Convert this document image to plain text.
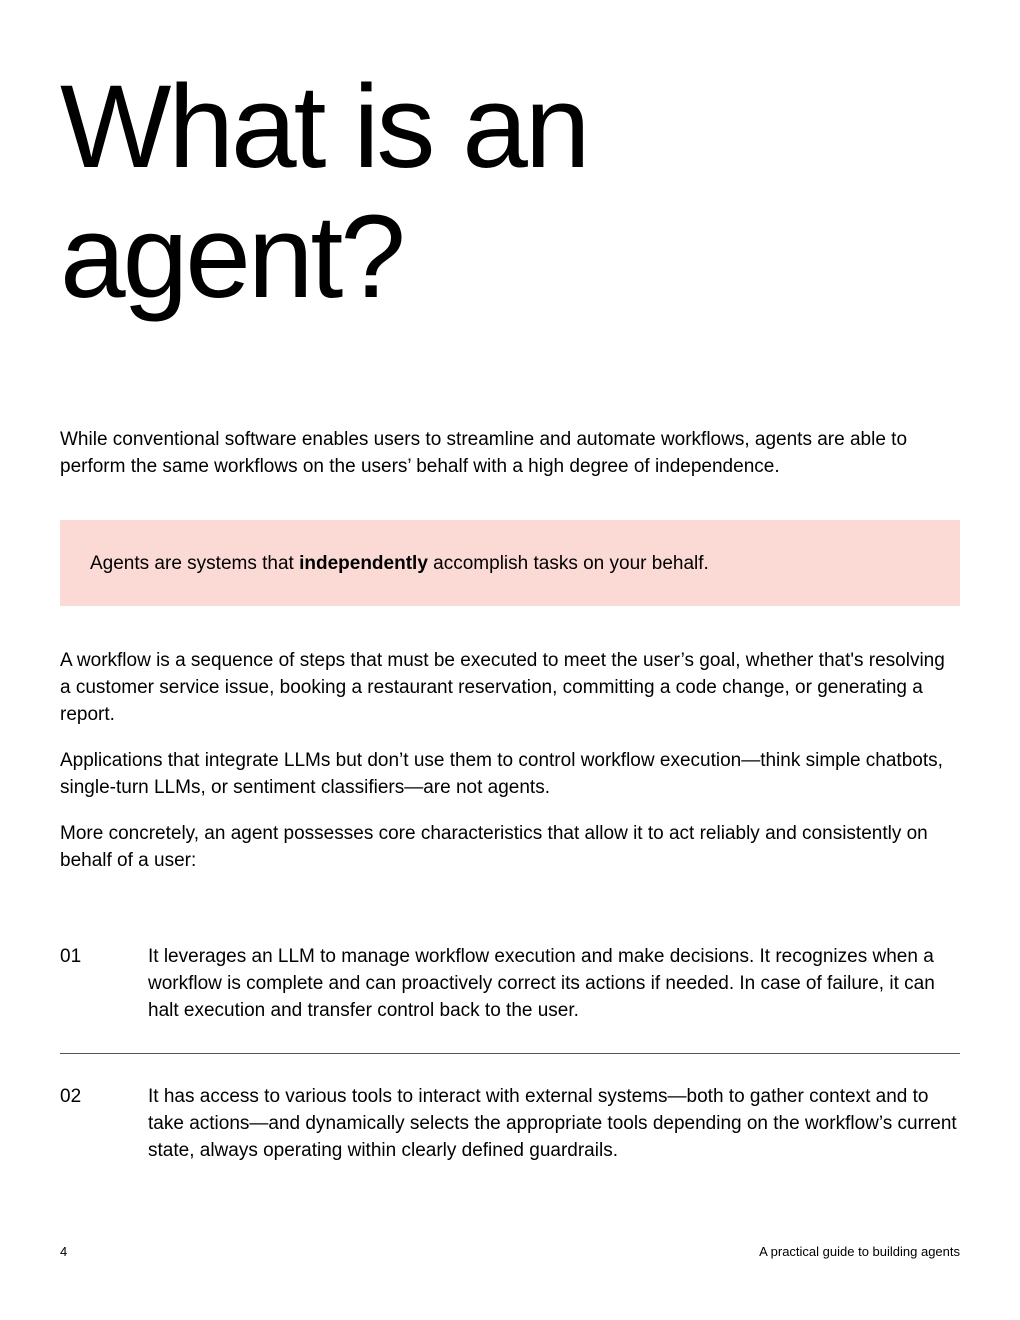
What is an
agent?

While conventional software enables users to streamline and automate workflows, agents are able to perform the same workflows on the users’ behalf with a high degree of independence.

Agents are systems that independently accomplish tasks on your behalf.

A workflow is a sequence of steps that must be executed to meet the user’s goal, whether that's resolving a customer service issue, booking a restaurant reservation, committing a code change, or generating a report.

Applications that integrate LLMs but don’t use them to control workflow execution—think simple chatbots, single-turn LLMs, or sentiment classifiers—are not agents.

More concretely, an agent possesses core characteristics that allow it to act reliably and consistently on behalf of a user:

01	It leverages an LLM to manage workflow execution and make decisions. It recognizes when a workflow is complete and can proactively correct its actions if needed. In case of failure, it can halt execution and transfer control back to the user.

02	It has access to various tools to interact with external systems—both to gather context and to take actions—and dynamically selects the appropriate tools depending on the workflow’s current state, always operating within clearly defined guardrails.

4	A practical guide to building agents
